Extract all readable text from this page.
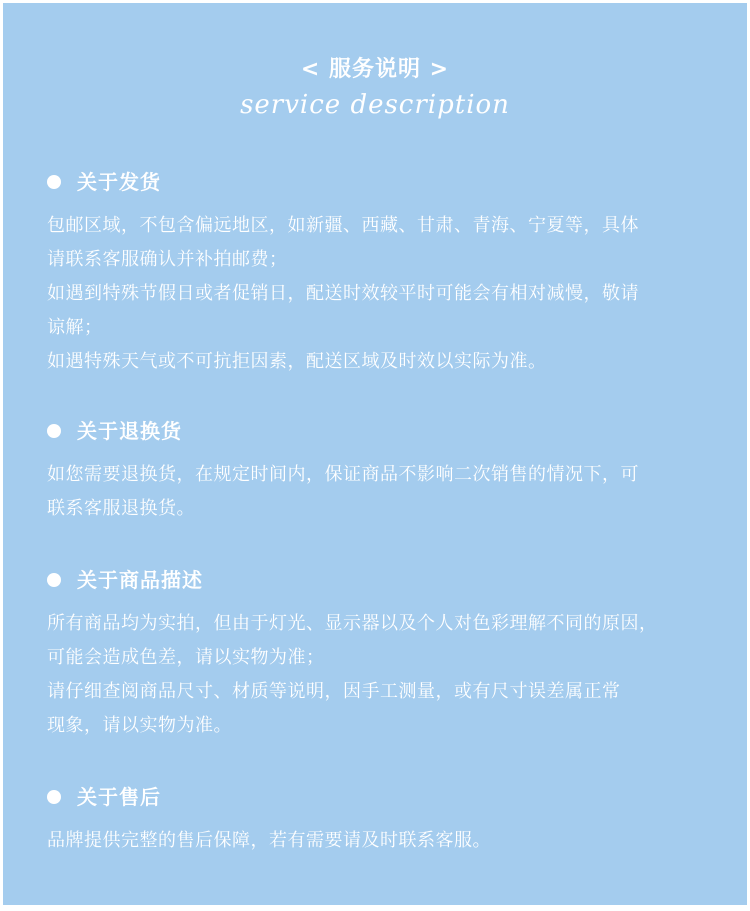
< 服务说明 >
service description
关于发货
包邮区域，不包含偏远地区，如新疆、西藏、甘肃、青海、宁夏等，具体
请联系客服确认并补拍邮费；
如遇到特殊节假日或者促销日，配送时效较平时可能会有相对减慢，敬请
谅解；
如遇特殊天气或不可抗拒因素，配送区域及时效以实际为准。
关于退换货
如您需要退换货，在规定时间内，保证商品不影响二次销售的情况下，可
联系客服退换货。
关于商品描述
所有商品均为实拍，但由于灯光、显示器以及个人对色彩理解不同的原因，
可能会造成色差，请以实物为准；
请仔细查阅商品尺寸、材质等说明，因手工测量，或有尺寸误差属正常
现象，请以实物为准。
关于售后
品牌提供完整的售后保障，若有需要请及时联系客服。
